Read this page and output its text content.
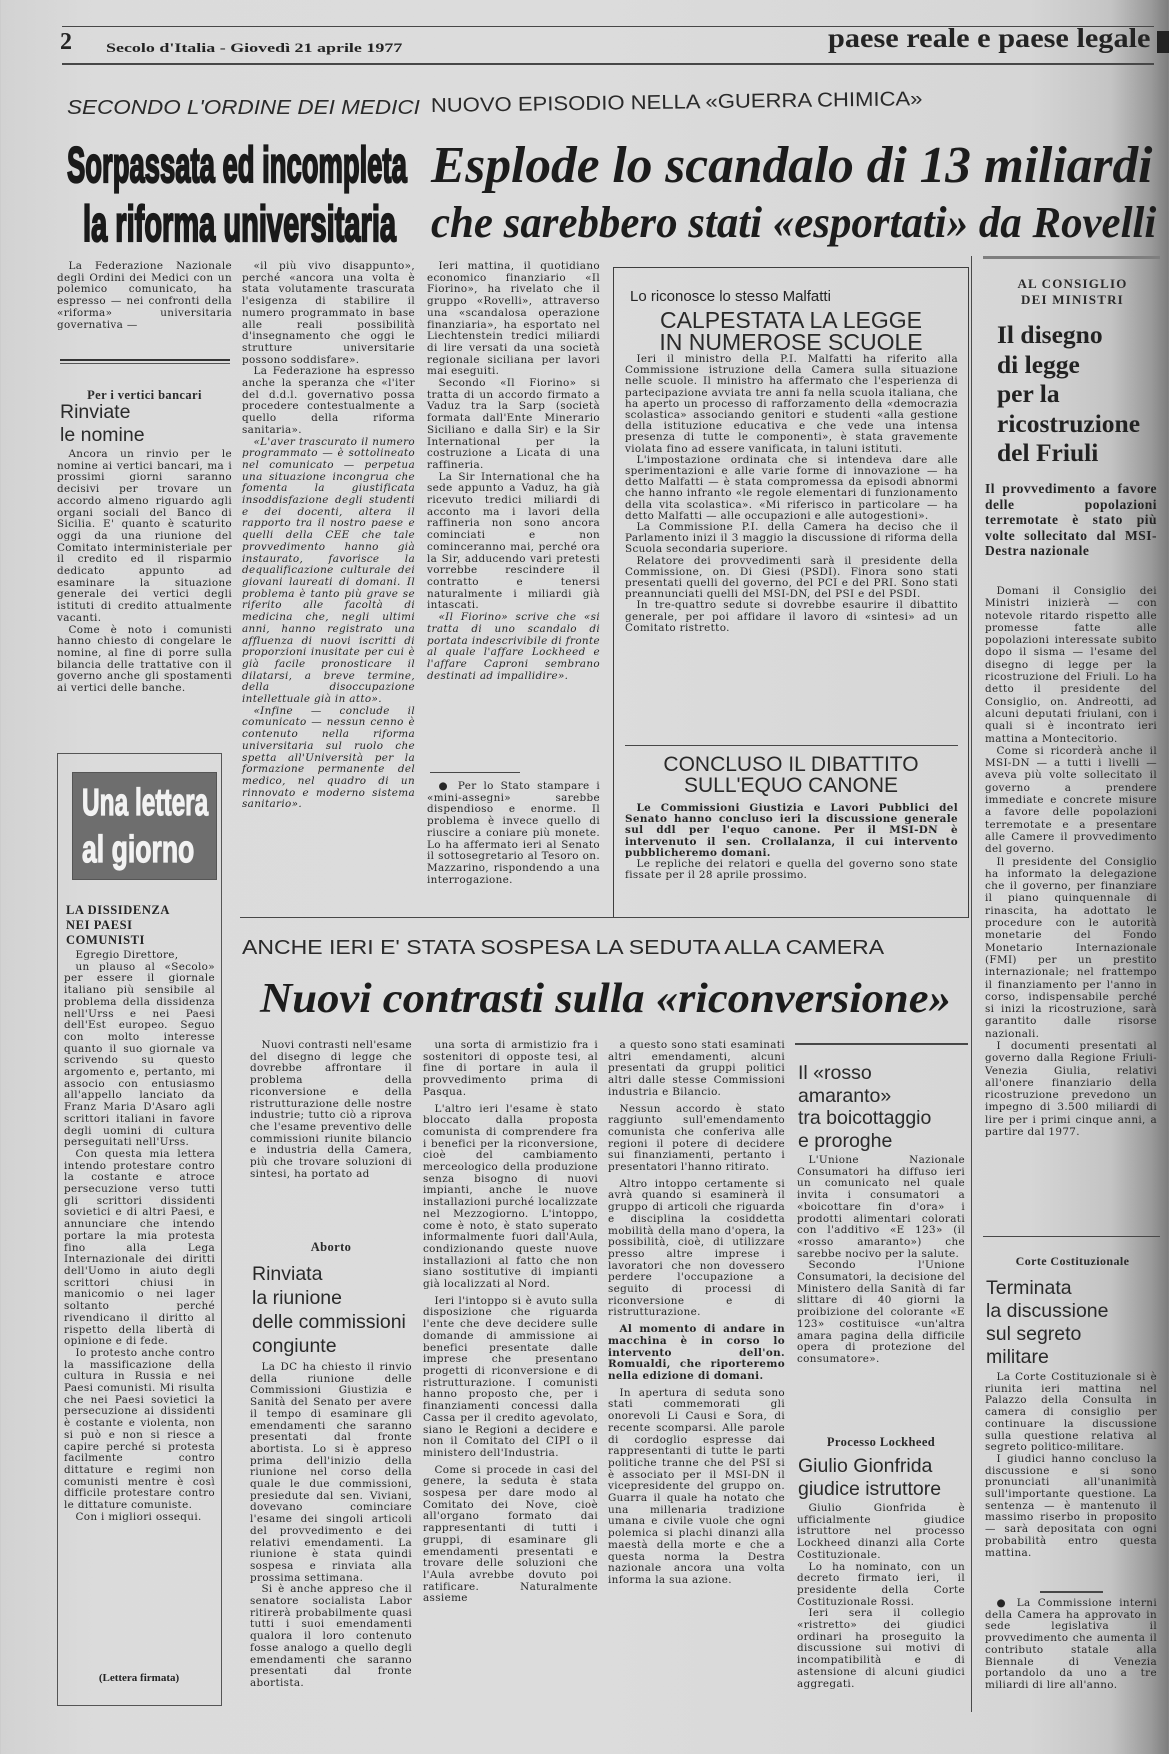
2	Secolo d'Italia - Giovedì 21 aprile 1977	paese reale e paese legale
SECONDO L'ORDINE DEI MEDICI NUOVO EPISODIO NELLA «GUERRA CHIMICA»
Sorpassata ed incompleta
la riforma universitaria
Esplode lo scandalo di 13 miliardi
che sarebbero stati «esportati» da Rovelli

La Federazione Nazionale degli Ordini dei Medici con un polemico comunicato, ha espresso — nei confronti della «riforma» universitaria governativa —

Per i vertici bancari
Rinviate
le nomine

Ancora un rinvio per le nomine ai vertici bancari, ma i prossimi giorni saranno decisivi per trovare un accordo almeno riguardo agli organi sociali del Banco di Sicilia. E' quanto è scaturito oggi da una riunione del Comitato interministeriale per il credito ed il risparmio dedicato appunto ad esaminare la situazione generale dei vertici degli istituti di credito attualmente vacanti.

Come è noto i comunisti hanno chiesto di congelare le nomine, al fine di porre sulla bilancia delle trattative con il governo anche gli spostamenti ai vertici delle banche.

«il più vivo disappunto», perché «ancora una volta è stata volutamente trascurata l'esigenza di stabilire il numero programmato in base alle reali possibilità d'insegnamento che oggi le strutture universitarie possono soddisfare».

La Federazione ha espresso anche la speranza che «l'iter del d.d.l. governativo possa procedere contestualmente a quello della riforma sanitaria».

«L'aver trascurato il numero programmato — è sottolineato nel comunicato — perpetua una situazione incongrua che fomenta la giustificata insoddisfazione degli studenti e dei docenti, altera il rapporto tra il nostro paese e quelli della CEE che tale provvedimento hanno già instaurato, favorisce la dequalificazione culturale dei giovani laureati di domani. Il problema è tanto più grave se riferito alle facoltà di medicina che, negli ultimi anni, hanno registrato una affluenza di nuovi iscritti di proporzioni inusitate per cui è già facile pronosticare il dilatarsi, a breve termine, della disoccupazione intellettuale già in atto».

«Infine — conclude il comunicato — nessun cenno è contenuto nella riforma universitaria sul ruolo che spetta all'Università per la formazione permanente del medico, nel quadro di un rinnovato e moderno sistema sanitario».

Ieri mattina, il quotidiano economico finanziario «Il Fiorino», ha rivelato che il gruppo «Rovelli», attraverso una «scandalosa operazione finanziaria», ha esportato nel Liechtenstein tredici miliardi di lire versati da una società regionale siciliana per lavori mai eseguiti.

Secondo «Il Fiorino» si tratta di un accordo firmato a Vaduz tra la Sarp (società formata dall'Ente Minerario Siciliano e dalla Sir) e la Sir International per la costruzione a Licata di una raffineria.

La Sir International che ha sede appunto a Vaduz, ha già ricevuto tredici miliardi di acconto ma i lavori della raffineria non sono ancora cominciati e non cominceranno mai, perché ora la Sir, adducendo vari pretesti vorrebbe rescindere il contratto e tenersi naturalmente i miliardi già intascati.

«Il Fiorino» scrive che «si tratta di uno scandalo di portata indescrivibile di fronte al quale l'affare Lockheed e l'affare Caproni sembrano destinati ad impallidire».

● Per lo Stato stampare i «mini-assegni» sarebbe dispendioso e enorme. Il problema è invece quello di riuscire a coniare più monete. Lo ha affermato ieri al Senato il sottosegretario al Tesoro on. Mazzarino, rispondendo a una interrogazione.

Lo riconosce lo stesso Malfatti
CALPESTATA LA LEGGE
IN NUMEROSE SCUOLE

Ieri il ministro della P.I. Malfatti ha riferito alla Commissione istruzione della Camera sulla situazione nelle scuole. Il ministro ha affermato che l'esperienza di partecipazione avviata tre anni fa nella scuola italiana, che ha aperto un processo di rafforzamento della «democrazia scolastica» associando genitori e studenti «alla gestione della istituzione educativa e che vede una intensa presenza di tutte le componenti», è stata gravemente violata fino ad essere vanificata, in taluni istituti.

L'impostazione ordinata che si intendeva dare alle sperimentazioni e alle varie forme di innovazione — ha detto Malfatti — è stata compromessa da episodi abnormi che hanno infranto «le regole elementari di funzionamento della vita scolastica». «Mi riferisco in particolare — ha detto Malfatti — alle occupazioni e alle autogestioni».

La Commissione P.I. della Camera ha deciso che il Parlamento inizi il 3 maggio la discussione di riforma della Scuola secondaria superiore.

Relatore dei provvedimenti sarà il presidente della Commissione, on. Di Giesi (PSDI). Finora sono stati presentati quelli del governo, del PCI e del PRI. Sono stati preannunciati quelli del MSI-DN, del PSI e del PSDI.

In tre-quattro sedute si dovrebbe esaurire il dibattito generale, per poi affidare il lavoro di «sintesi» ad un Comitato ristretto.

CONCLUSO IL DIBATTITO
SULL'EQUO CANONE

Le Commissioni Giustizia e Lavori Pubblici del Senato hanno concluso ieri la discussione generale sul ddl per l'equo canone. Per il MSI-DN è intervenuto il sen. Crollalanza, il cui intervento pubblicheremo domani.

Le repliche dei relatori e quella del governo sono state fissate per il 28 aprile prossimo.

AL CONSIGLIO
DEI MINISTRI
Il disegno
di legge
per la
ricostruzione
del Friuli
Il provvedimento a favore delle popolazioni terremotate è stato più volte sollecitato dal MSI-Destra nazionale

Domani il Consiglio dei Ministri inizierà — con notevole ritardo rispetto alle promesse fatte alle popolazioni interessate subito dopo il sisma — l'esame del disegno di legge per la ricostruzione del Friuli. Lo ha detto il presidente del Consiglio, on. Andreotti, ad alcuni deputati friulani, con i quali si è incontrato ieri mattina a Montecitorio.

Come si ricorderà anche il MSI-DN — a tutti i livelli — aveva più volte sollecitato il governo a prendere immediate e concrete misure a favore delle popolazioni terremotate e a presentare alle Camere il provvedimento del governo.

Il presidente del Consiglio ha informato la delegazione che il governo, per finanziare il piano quinquennale di rinascita, ha adottato le procedure con le autorità monetarie del Fondo Monetario Internazionale (FMI) per un prestito internazionale; nel frattempo il finanziamento per l'anno in corso, indispensabile perché si inizi la ricostruzione, sarà garantito dalle risorse nazionali.

I documenti presentati al governo dalla Regione Friuli-Venezia Giulia, relativi all'onere finanziario della ricostruzione prevedono un impegno di 3.500 miliardi di lire per i primi cinque anni, a partire dal 1977.

Corte Costituzionale
Terminata
la discussione
sul segreto
militare

La Corte Costituzionale si è riunita ieri mattina nel Palazzo della Consulta in camera di consiglio per continuare la discussione sulla questione relativa al segreto politico-militare.

I giudici hanno concluso la discussione e si sono pronunciati all'unanimità sull'importante questione. La sentenza — è mantenuto il massimo riserbo in proposito — sarà depositata con ogni probabilità entro questa mattina.

● La Commissione interni della Camera ha approvato in sede legislativa il provvedimento che aumenta il contributo statale alla Biennale di Venezia portandolo da uno a tre miliardi di lire all'anno.

Una lettera
al giorno
LA DISSIDENZA
NEI PAESI
COMUNISTI

Egregio Direttore,

un plauso al «Secolo» per essere il giornale italiano più sensibile al problema della dissidenza nell'Urss e nei Paesi dell'Est europeo. Seguo con molto interesse quanto il suo giornale va scrivendo su questo argomento e, pertanto, mi associo con entusiasmo all'appello lanciato da Franz Maria D'Asaro agli scrittori italiani in favore degli uomini di cultura perseguitati nell'Urss.

Con questa mia lettera intendo protestare contro la costante e atroce persecuzione verso tutti gli scrittori dissidenti sovietici e di altri Paesi, e annunciare che intendo portare la mia protesta fino alla Lega Internazionale dei diritti dell'Uomo in aiuto degli scrittori chiusi in manicomio o nei lager soltanto perché rivendicano il diritto al rispetto della libertà di opinione e di fede.

Io protesto anche contro la massificazione della cultura in Russia e nei Paesi comunisti. Mi risulta che nei Paesi sovietici la persecuzione ai dissidenti è costante e violenta, non si può e non si riesce a capire perché si protesta facilmente contro dittature e regimi non comunisti mentre è così difficile protestare contro le dittature comuniste.

Con i migliori ossequi.

(Lettera firmata)
ANCHE IERI E' STATA SOSPESA LA SEDUTA ALLA CAMERA
Nuovi contrasti sulla «riconversione»

Nuovi contrasti nell'esame del disegno di legge che dovrebbe affrontare il problema della riconversione e della ristrutturazione delle nostre industrie; tutto ciò a riprova che l'esame preventivo delle commissioni riunite bilancio e industria della Camera, più che trovare soluzioni di sintesi, ha portato ad

una sorta di armistizio fra i sostenitori di opposte tesi, al fine di portare in aula il provvedimento prima di Pasqua.

L'altro ieri l'esame è stato bloccato dalla proposta comunista di comprendere fra i benefici per la riconversione, cioè del cambiamento merceologico della produzione senza bisogno di nuovi impianti, anche le nuove installazioni purché localizzate nel Mezzogiorno. L'intoppo, come è noto, è stato superato informalmente fuori dall'Aula, condizionando queste nuove installazioni al fatto che non siano sostitutive di impianti già localizzati al Nord.

Ieri l'intoppo si è avuto sulla disposizione che riguarda l'ente che deve decidere sulle domande di ammissione ai benefici presentate dalle imprese che presentano progetti di riconversione e di ristrutturazione. I comunisti hanno proposto che, per i finanziamenti concessi dalla Cassa per il credito agevolato, siano le Regioni a decidere e non il Comitato del CIPI o il ministero dell'Industria.

Come si procede in casi del genere, la seduta è stata sospesa per dare modo al Comitato dei Nove, cioè all'organo formato dai rappresentanti di tutti i gruppi, di esaminare gli emendamenti presentati e trovare delle soluzioni che l'Aula avrebbe dovuto poi ratificare. Naturalmente assieme

a questo sono stati esaminati altri emendamenti, alcuni presentati da gruppi politici altri dalle stesse Commissioni industria e Bilancio.

Nessun accordo è stato raggiunto sull'emendamento comunista che conferiva alle regioni il potere di decidere sui finanziamenti, pertanto i presentatori l'hanno ritirato.

Altro intoppo certamente si avrà quando si esaminerà il gruppo di articoli che riguarda e disciplina la cosiddetta mobilità della mano d'opera, la possibilità, cioè, di utilizzare presso altre imprese i lavoratori che non dovessero perdere l'occupazione a seguito di processi di riconversione e di ristrutturazione.

Al momento di andare in macchina è in corso lo intervento dell'on. Romualdi, che riporteremo nella edizione di domani.

In apertura di seduta sono stati commemorati gli onorevoli Li Causi e Sora, di recente scomparsi. Alle parole di cordoglio espresse dai rappresentanti di tutte le parti politiche tranne che del PSI si è associato per il MSI-DN il vicepresidente del gruppo on. Guarra il quale ha notato che una millenaria tradizione umana e civile vuole che ogni polemica si plachi dinanzi alla maestà della morte e che a questa norma la Destra nazionale ancora una volta informa la sua azione.

Aborto
Rinviata
la riunione
delle commissioni
congiunte

La DC ha chiesto il rinvio della riunione delle Commissioni Giustizia e Sanità del Senato per avere il tempo di esaminare gli emendamenti che saranno presentati dal fronte abortista. Lo si è appreso prima dell'inizio della riunione nel corso della quale le due commissioni, presiedute dal sen. Viviani, dovevano cominciare l'esame dei singoli articoli del provvedimento e dei relativi emendamenti. La riunione è stata quindi sospesa e rinviata alla prossima settimana.

Si è anche appreso che il senatore socialista Labor ritirerà probabilmente quasi tutti i suoi emendamenti qualora il loro contenuto fosse analogo a quello degli emendamenti che saranno presentati dal fronte abortista.

Il «rosso
amaranto»
tra boicottaggio
e proroghe

L'Unione Nazionale Consumatori ha diffuso ieri un comunicato nel quale invita i consumatori a «boicottare fin d'ora» i prodotti alimentari colorati con l'additivo «E 123» (il «rosso amaranto») che sarebbe nocivo per la salute.

Secondo l'Unione Consumatori, la decisione del Ministero della Sanità di far slittare di 40 giorni la proibizione del colorante «E 123» costituisce «un'altra amara pagina della difficile opera di protezione del consumatore».

Processo Lockheed
Giulio Gionfrida
giudice istruttore

Giulio Gionfrida è ufficialmente giudice istruttore nel processo Lockheed dinanzi alla Corte Costituzionale.

Lo ha nominato, con un decreto firmato ieri, il presidente della Corte Costituzionale Rossi.

Ieri sera il collegio «ristretto» dei giudici ordinari ha proseguito la discussione sui motivi di incompatibilità e di astensione di alcuni giudici aggregati.
